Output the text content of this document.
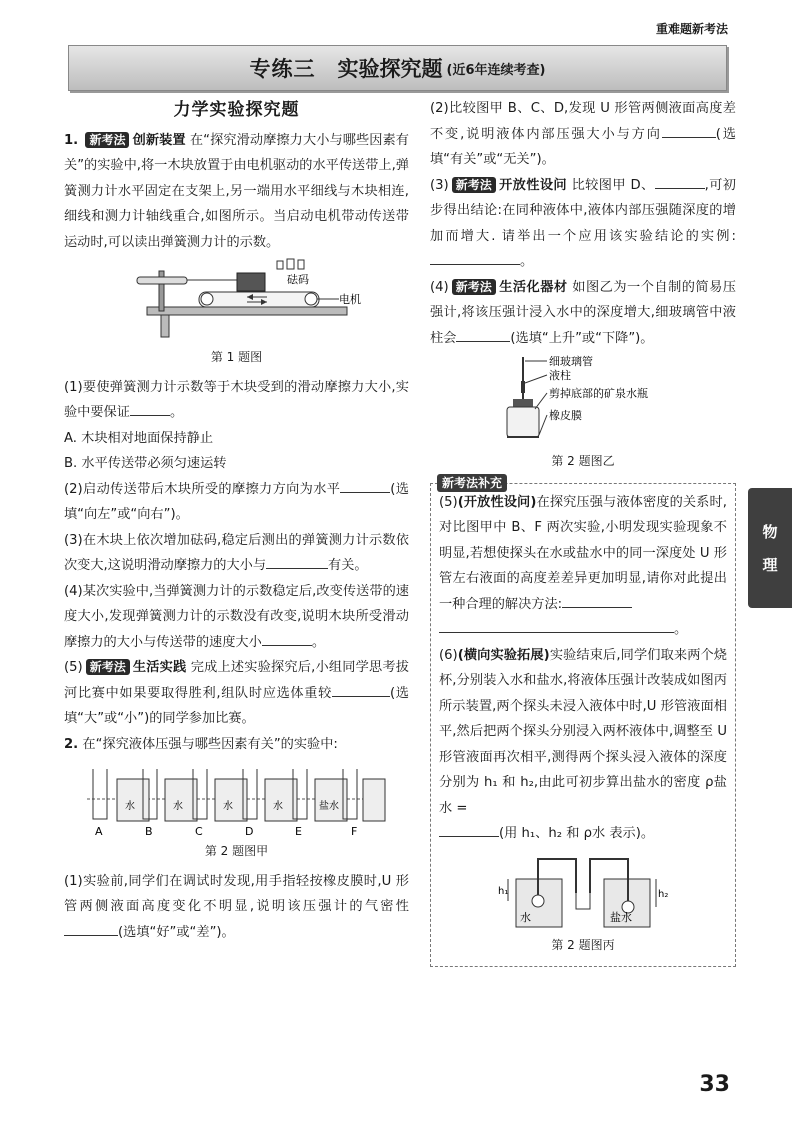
重难题新考法
专练三 实验探究题 (近6年连续考查)
力学实验探究题

1. 新考法 创新装置 在“探究滑动摩擦力大小与哪些因素有关”的实验中,将一木块放置于由电机驱动的水平传送带上,弹簧测力计水平固定在支架上,另一端用水平细线与木块相连,细线和测力计轴线重合,如图所示。当启动电机带动传送带运动时,可以读出弹簧测力计的示数。

砝码
电机
第 1 题图

(1)要使弹簧测力计示数等于木块受到的滑动摩擦力大小,实验中要保证	。

A. 木块相对地面保持静止

B. 水平传送带必须匀速运转

(2)启动传送带后木块所受的摩擦力方向为水平	(选填“向左”或“向右”)。

(3)在木块上依次增加砝码,稳定后测出的弹簧测力计示数依次变大,这说明滑动摩擦力的大小与	有关。

(4)某次实验中,当弹簧测力计的示数稳定后,改变传送带的速度大小,发现弹簧测力计的示数没有改变,说明木块所受滑动摩擦力的大小与传送带的速度大小	。

(5) 新考法 生活实践 完成上述实验探究后,小组同学思考拔河比赛中如果要取得胜利,组队时应选体重较	(选填“大”或“小”)的同学参加比赛。

2. 在“探究液体压强与哪些因素有关”的实验中:

水	水	水	水	盐水
A	B	C	D	E	F
第 2 题图甲

(1)实验前,同学们在调试时发现,用手指轻按橡皮膜时,U 形管两侧液面高度变化不明显,说明该压强计的气密性(选填“好”或“差”)。

(2)比较图甲 B、C、D,发现 U 形管两侧液面高度差不变,说明液体内部压强大小与方向	(选填“有关”或“无关”)。

(3) 新考法 开放性设问 比较图甲 D、	,可初步得出结论:在同种液体中,液体内部压强随深度的增加而增大. 请举出一个应用该实验结论的实例:。

(4) 新考法 生活化器材 如图乙为一个自制的简易压强计,将该压强计浸入水中的深度增大,细玻璃管中液柱会	(选填“上升”或“下降”)。

细玻璃管
液柱
剪掉底部的矿泉水瓶
橡皮膜
第 2 题图乙
新考法补充

(5)(开放性设问)在探究压强与液体密度的关系时,对比图甲中 B、F 两次实验,小明发现实验现象不明显,若想使探头在水或盐水中的同一深度处 U 形管左右液面的高度差差异更加明显,请你对此提出一种合理的解决方法:
。

(6)(横向实验拓展)实验结束后,同学们取来两个烧杯,分别装入水和盐水,将液体压强计改装成如图丙所示装置,两个探头未浸入液体中时,U 形管液面相平,然后把两个探头分别浸入两杯液体中,调整至 U 形管液面再次相平,测得两个探头浸入液体的深度分别为 h₁ 和 h₂,由此可初步算出盐水的密度 ρ盐水 =
(用 h₁、h₂ 和 ρ水 表示)。

h₁	h₂
水	盐水
第 2 题图丙
物
理
33
